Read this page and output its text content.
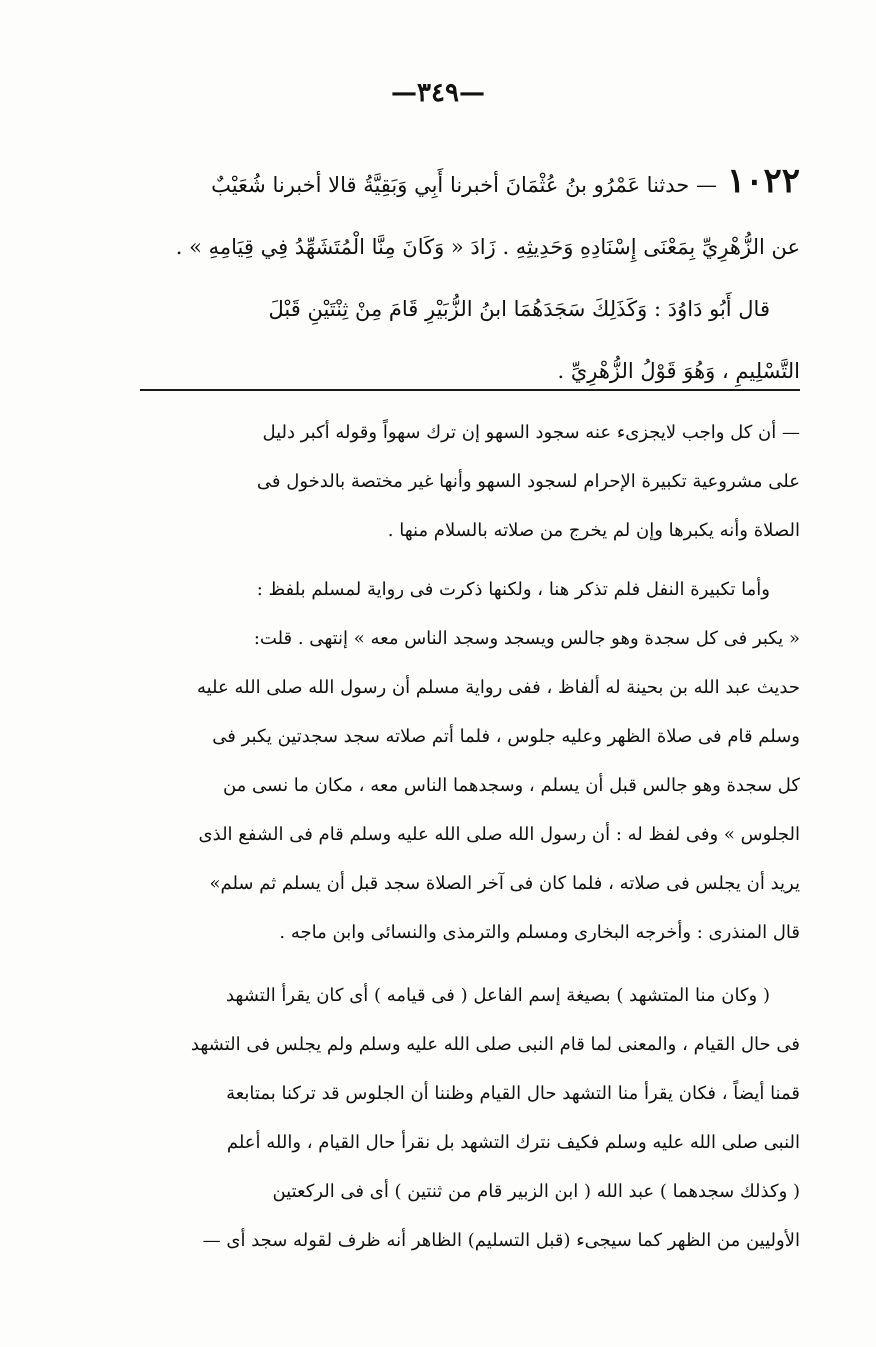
—٣٤٩—
١٠٢٢— حدثنا عَمْرُو بنُ عُثْمَانَ أخبرنا أَبِي وَبَقِيَّةُ قالا أخبرنا شُعَيْبٌ
عن الزُّهْرِيِّ بِمَعْنَى إِسْنَادِهِ وَحَدِيثِهِ . زَادَ « وَكَانَ مِنَّا الْمُتَشَهِّدُ فِي قِيَامِهِ » .
قال أَبُو دَاوُدَ : وَكَذَلِكَ سَجَدَهُمَا ابنُ الزُّبَيْرِ قَامَ مِنْ ثِنْتَيْنِ قَبْلَ
التَّسْلِيمِ ، وَهُوَ قَوْلُ الزُّهْرِيِّ .
— أن كل واجب لايجزىء عنه سجود السهو إن ترك سهواً وقوله أكبر دليل
على مشروعية تكبيرة الإحرام لسجود السهو وأنها غير مختصة بالدخول فى
الصلاة وأنه يكبرها وإن لم يخرج من صلاته بالسلام منها .
وأما تكبيرة النفل فلم تذكر هنا ، ولكنها ذكرت فى رواية لمسلم بلفظ :
« يكبر فى كل سجدة وهو جالس ويسجد وسجد الناس معه » إنتهى . قلت:
حديث عبد الله بن بحينة له ألفاظ ، ففى رواية مسلم أن رسول الله صلى الله عليه
وسلم قام فى صلاة الظهر وعليه جلوس ، فلما أتم صلاته سجد سجدتين يكبر فى
كل سجدة وهو جالس قبل أن يسلم ، وسجدهما الناس معه ، مكان ما نسى من
الجلوس » وفى لفظ له : أن رسول الله صلى الله عليه وسلم قام فى الشفع الذى
يريد أن يجلس فى صلاته ، فلما كان فى آخر الصلاة سجد قبل أن يسلم ثم سلم»
قال المنذرى : وأخرجه البخارى ومسلم والترمذى والنسائى وابن ماجه .
( وكان منا المتشهد ) بصيغة إسم الفاعل ( فى قيامه ) أى كان يقرأ التشهد
فى حال القيام ، والمعنى لما قام النبى صلى الله عليه وسلم ولم يجلس فى التشهد
قمنا أيضاً ، فكان يقرأ منا التشهد حال القيام وظننا أن الجلوس قد تركنا بمتابعة
النبى صلى الله عليه وسلم فكيف نترك التشهد بل نقرأ حال القيام ، والله أعلم
( وكذلك سجدهما ) عبد الله ( ابن الزبير قام من ثنتين ) أى فى الركعتين
الأوليين من الظهر كما سيجىء (قبل التسليم) الظاهر أنه ظرف لقوله سجد أى —
